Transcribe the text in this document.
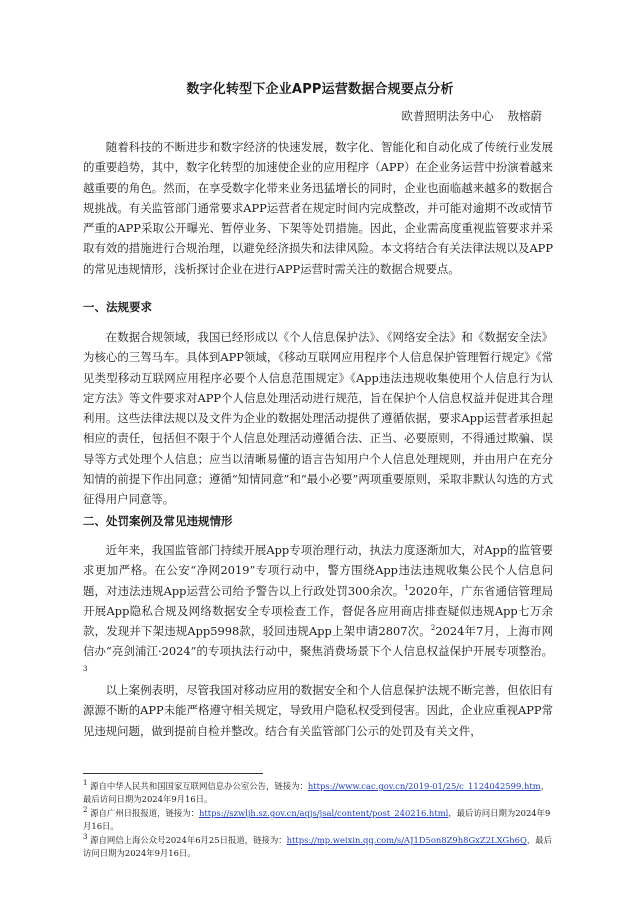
数字化转型下企业APP运营数据合规要点分析
欧普照明法务中心 敖榕蔚

随着科技的不断进步和数字经济的快速发展，数字化、智能化和自动化成了传统行业发展的重要趋势，其中，数字化转型的加速使企业的应用程序（APP）在企业务运营中扮演着越来越重要的角色。然而，在享受数字化带来业务迅猛增长的同时，企业也面临越来越多的数据合规挑战。有关监管部门通常要求APP运营者在规定时间内完成整改，并可能对逾期不改或情节严重的APP采取公开曝光、暂停业务、下架等处罚措施。因此，企业需高度重视监管要求并采取有效的措施进行合规治理，以避免经济损失和法律风险。本文将结合有关法律法规以及APP的常见违规情形，浅析探讨企业在进行APP运营时需关注的数据合规要点。

一、法规要求

在数据合规领域，我国已经形成以《个人信息保护法》、《网络安全法》和《数据安全法》为核心的三驾马车。具体到APP领域，《移动互联网应用程序个人信息保护管理暂行规定》《常见类型移动互联网应用程序必要个人信息范围规定》《App违法违规收集使用个人信息行为认定方法》等文件要求对APP个人信息处理活动进行规范，旨在保护个人信息权益并促进其合理利用。这些法律法规以及文件为企业的数据处理活动提供了遵循依据，要求App运营者承担起相应的责任，包括但不限于个人信息处理活动遵循合法、正当、必要原则，不得通过欺骗、误导等方式处理个人信息；应当以清晰易懂的语言告知用户个人信息处理规则，并由用户在充分知情的前提下作出同意；遵循“知情同意”和“最小必要”两项重要原则，采取非默认勾选的方式征得用户同意等。

二、处罚案例及常见违规情形

近年来，我国监管部门持续开展App专项治理行动，执法力度逐渐加大，对App的监管要求更加严格。在公安“净网2019”专项行动中，警方围绕App违法违规收集公民个人信息问题，对违法违规App运营公司给予警告以上行政处罚300余次。$^1$2020年，广东省通信管理局开展App隐私合规及网络数据安全专项检查工作，督促各应用商店排查疑似违规App七万余款，发现并下架违规App5998款，驳回违规App上架申请2807次。$^2$2024年7月，上海市网信办“亮剑浦江·2024”的专项执法行动中，聚焦消费场景下个人信息权益保护开展专项整治。$^3$

以上案例表明，尽管我国对移动应用的数据安全和个人信息保护法规不断完善，但依旧有源源不断的APP未能严格遵守相关规定，导致用户隐私权受到侵害。因此，企业应重视APP常见违规问题，做到提前自检并整改。结合有关监管部门公示的处罚及有关文件，

$^1$ 源自中华人民共和国国家互联网信息办公室公告，链接为：https://www.cac.gov.cn/2019-01/25/c_1124042599.htm，最后访问日期为2024年9月16日。

$^2$ 源自广州日报报道，链接为：https://szwljh.sz.gov.cn/aqjs/jsal/content/post_240216.html，最后访问日期为2024年9月16日。

$^3$ 源自网信上海公众号2024年6月25日报道，链接为：https://mp.weixin.qq.com/s/AJ1D5on8Z9h8GxZ2LXGh6Q，最后访问日期为2024年9月16日。
